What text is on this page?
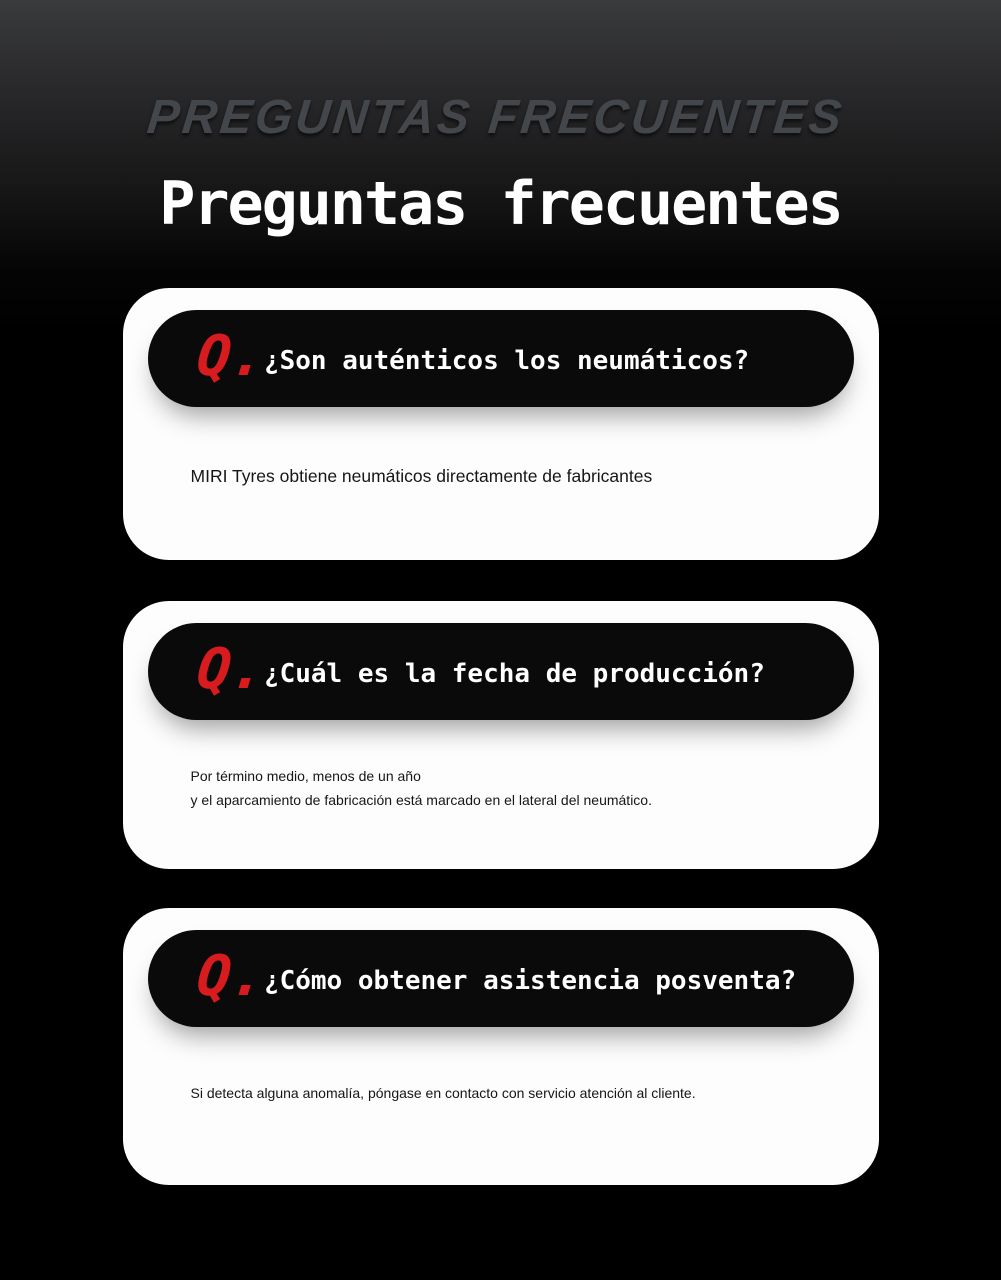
PREGUNTAS FRECUENTES
Preguntas frecuentes
Q.
¿Son auténticos los neumáticos?
MIRI Tyres obtiene neumáticos directamente de fabricantes
Q.
¿Cuál es la fecha de producción?
Por término medio, menos de un año
y el aparcamiento de fabricación está marcado en el lateral del neumático.
Q.
¿Cómo obtener asistencia posventa?
Si detecta alguna anomalía, póngase en contacto con servicio atención al cliente.
